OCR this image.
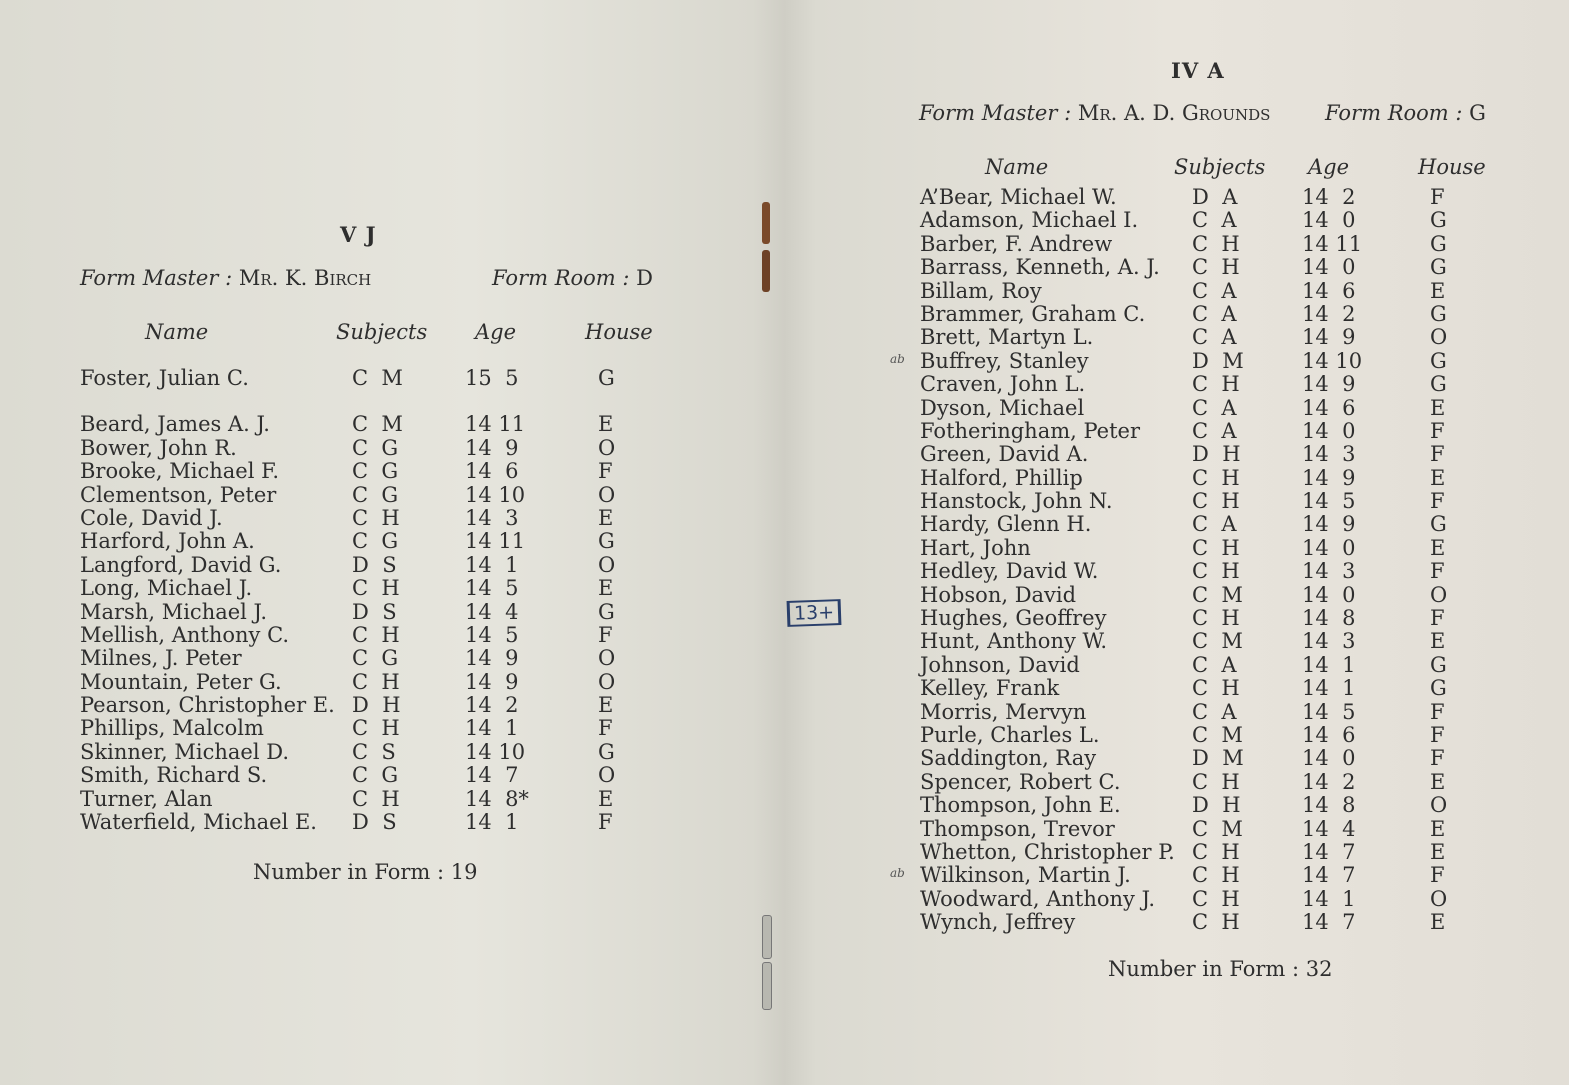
V J
Form Master : Mr. K. Birch	Form Room : D
Name	Subjects Age	House
Foster, Julian C.	C  M	15  5	G
Beard, James A. J.	C  M	14 11	E
Bower, John R.	C  G	14  9	O
Brooke, Michael F.	C  G	14  6	F
Clementson, Peter	C  G	14 10	O
Cole, David J.	C  H	14  3	E
Harford, John A.	C  G	14 11	G
Langford, David G.	D  S	14  1	O
Long, Michael J.	C  H	14  5	E
Marsh, Michael J.	D  S	14  4	G
Mellish, Anthony C.	C  H	14  5	F
Milnes, J. Peter	C  G	14  9	O
Mountain, Peter G.	C  H	14  9	O
Pearson, Christopher E. D  H	14  2	E
Phillips, Malcolm	C  H	14  1	F
Skinner, Michael D.	C  S	14 10	G
Smith, Richard S.	C  G	14  7	O
Turner, Alan	C  H	14  8*	E
Waterfield, Michael E. D  S	14  1	F
Number in Form : 19
13+
IV A
Form Master : Mr. A. D. Grounds	Form Room : G
Name	Subjects Age	House
A’Bear, Michael W.	D  A	14  2	F
Adamson, Michael I.	C  A	14  0	G
Barber, F. Andrew	C  H	14 11	G
Barrass, Kenneth, A. J. C  H	14  0	G
Billam, Roy	C  A	14  6	E
Brammer, Graham C. C  A	14  2	G
Brett, Martyn L.	C  A	14  9	O
Buffrey, Stanley	D  M	14 10	G
Craven, John L.	C  H	14  9	G
Dyson, Michael	C  A	14  6	E
Fotheringham, Peter C  A	14  0	F
Green, David A.	D  H	14  3	F
Halford, Phillip	C  H	14  9	E
Hanstock, John N.	C  H	14  5	F
Hardy, Glenn H.	C  A	14  9	G
Hart, John	C  H	14  0	E
Hedley, David W.	C  H	14  3	F
Hobson, David	C  M	14  0	O
Hughes, Geoffrey	C  H	14  8	F
Hunt, Anthony W.	C  M	14  3	E
Johnson, David	C  A	14  1	G
Kelley, Frank	C  H	14  1	G
Morris, Mervyn	C  A	14  5	F
Purle, Charles L.	C  M	14  6	F
Saddington, Ray	D  M	14  0	F
Spencer, Robert C.	C  H	14  2	E
Thompson, John E.	D  H	14  8	O
Thompson, Trevor	C  M	14  4	E
Whetton, Christopher P. C  H	14  7	E
Wilkinson, Martin J.	C  H	14  7	F
Woodward, Anthony J. C  H	14  1	O
Wynch, Jeffrey	C  H	14  7	E
ab
ab
Number in Form : 32
